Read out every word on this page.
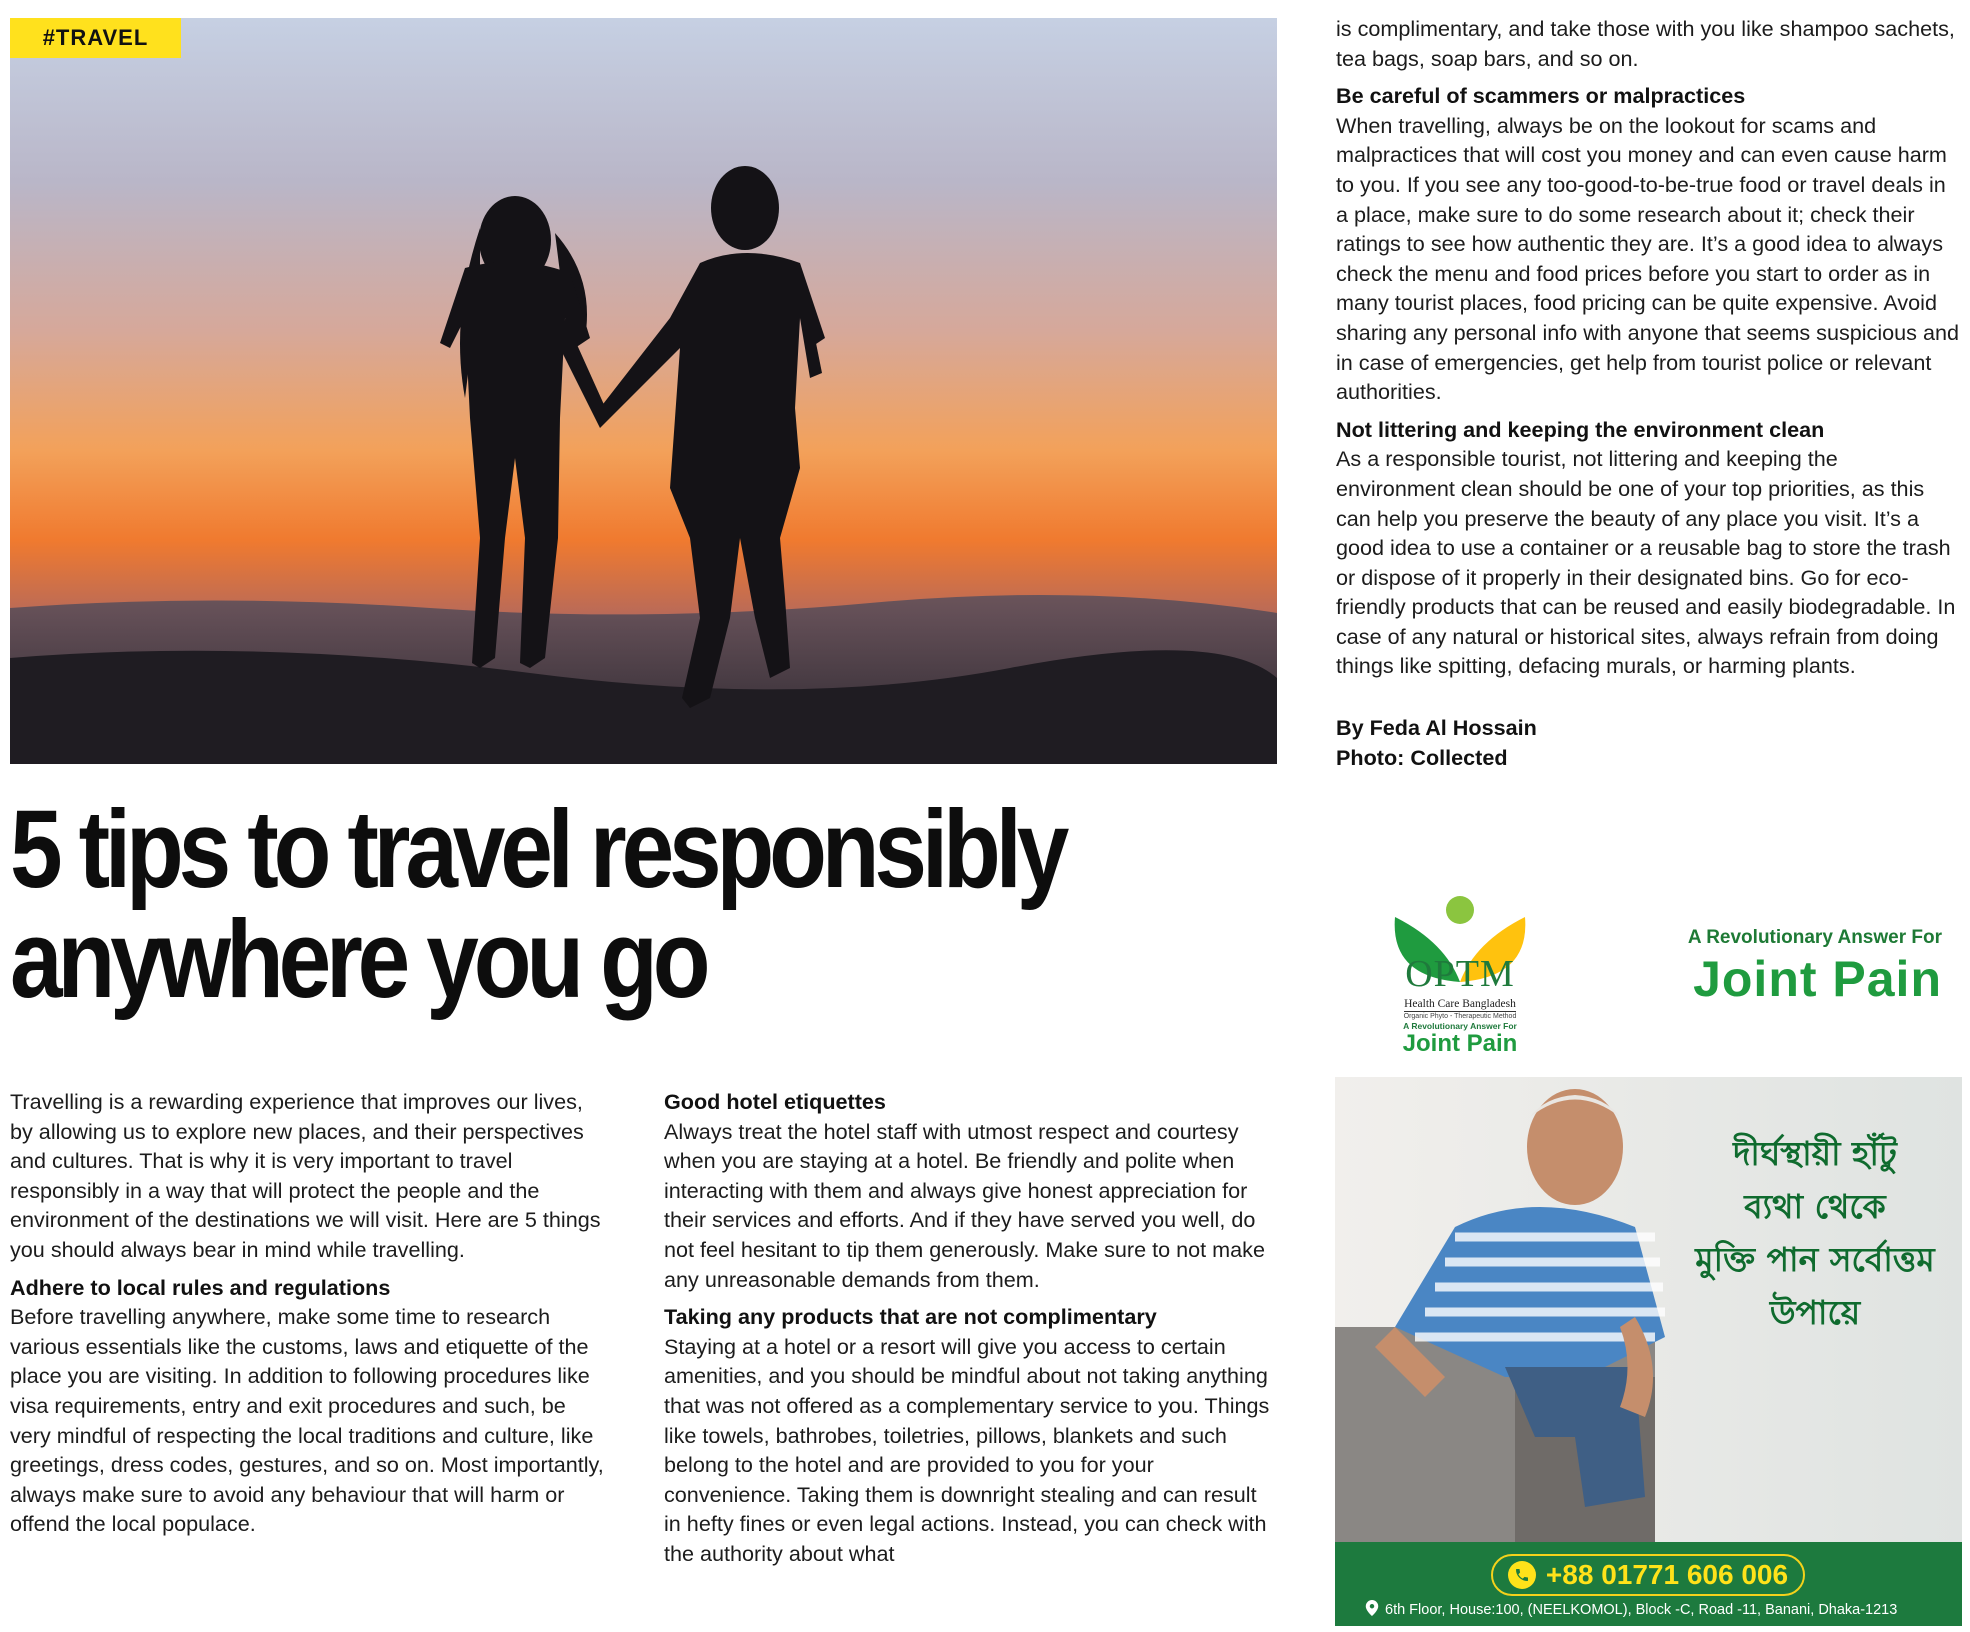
#TRAVEL
5 tips to travel responsibly
anywhere you go

Travelling is a rewarding experience that improves our lives, by allowing us to explore new places, and their perspectives and cultures. That is why it is very important to travel responsibly in a way that will protect the people and the environment of the destinations we will visit. Here are 5 things you should always bear in mind while travelling.

Adhere to local rules and regulations

Before travelling anywhere, make some time to research various essentials like the customs, laws and etiquette of the place you are visiting. In addition to following procedures like visa requirements, entry and exit procedures and such, be very mindful of respecting the local traditions and culture, like greetings, dress codes, gestures, and so on. Most importantly, always make sure to avoid any behaviour that will harm or offend the local populace.

Good hotel etiquettes

Always treat the hotel staff with utmost respect and courtesy when you are staying at a hotel. Be friendly and polite when interacting with them and always give honest appreciation for their services and efforts. And if they have served you well, do not feel hesitant to tip them generously. Make sure to not make any unreasonable demands from them.

Taking any products that are not complimentary

Staying at a hotel or a resort will give you access to certain amenities, and you should be mindful about not taking anything that was not offered as a complementary service to you. Things like towels, bathrobes, toiletries, pillows, blankets and such belong to the hotel and are provided to you for your convenience. Taking them is downright stealing and can result in hefty fines or even legal actions. Instead, you can check with the authority about what

is complimentary, and take those with you like shampoo sachets, tea bags, soap bars, and so on.

Be careful of scammers or malpractices

When travelling, always be on the lookout for scams and malpractices that will cost you money and can even cause harm to you. If you see any too-good-to-be-true food or travel deals in a place, make sure to do some research about it; check their ratings to see how authentic they are. It’s a good idea to always check the menu and food prices before you start to order as in many tourist places, food pricing can be quite expensive. Avoid sharing any personal info with anyone that seems suspicious and in case of emergencies, get help from tourist police or relevant authorities.

Not littering and keeping the environment clean

As a responsible tourist, not littering and keeping the environment clean should be one of your top priorities, as this can help you preserve the beauty of any place you visit. It’s a good idea to use a container or a reusable bag to store the trash or dispose of it properly in their designated bins. Go for eco-friendly products that can be reused and easily biodegradable. In case of any natural or historical sites, always refrain from doing things like spitting, defacing murals, or harming plants.

By Feda Al Hossain
Photo: Collected
OPTM
Health Care Bangladesh
Organic Phyto - Therapeutic Method
A Revolutionary Answer For
Joint Pain
A Revolutionary Answer For
Joint Pain
দীর্ঘস্থায়ী হাঁটু
ব্যথা থেকে
মুক্তি পান সর্বোত্তম
উপায়ে
+88 01771 606 006
6th Floor, House:100, (NEELKOMOL), Block -C, Road -11, Banani, Dhaka-1213
